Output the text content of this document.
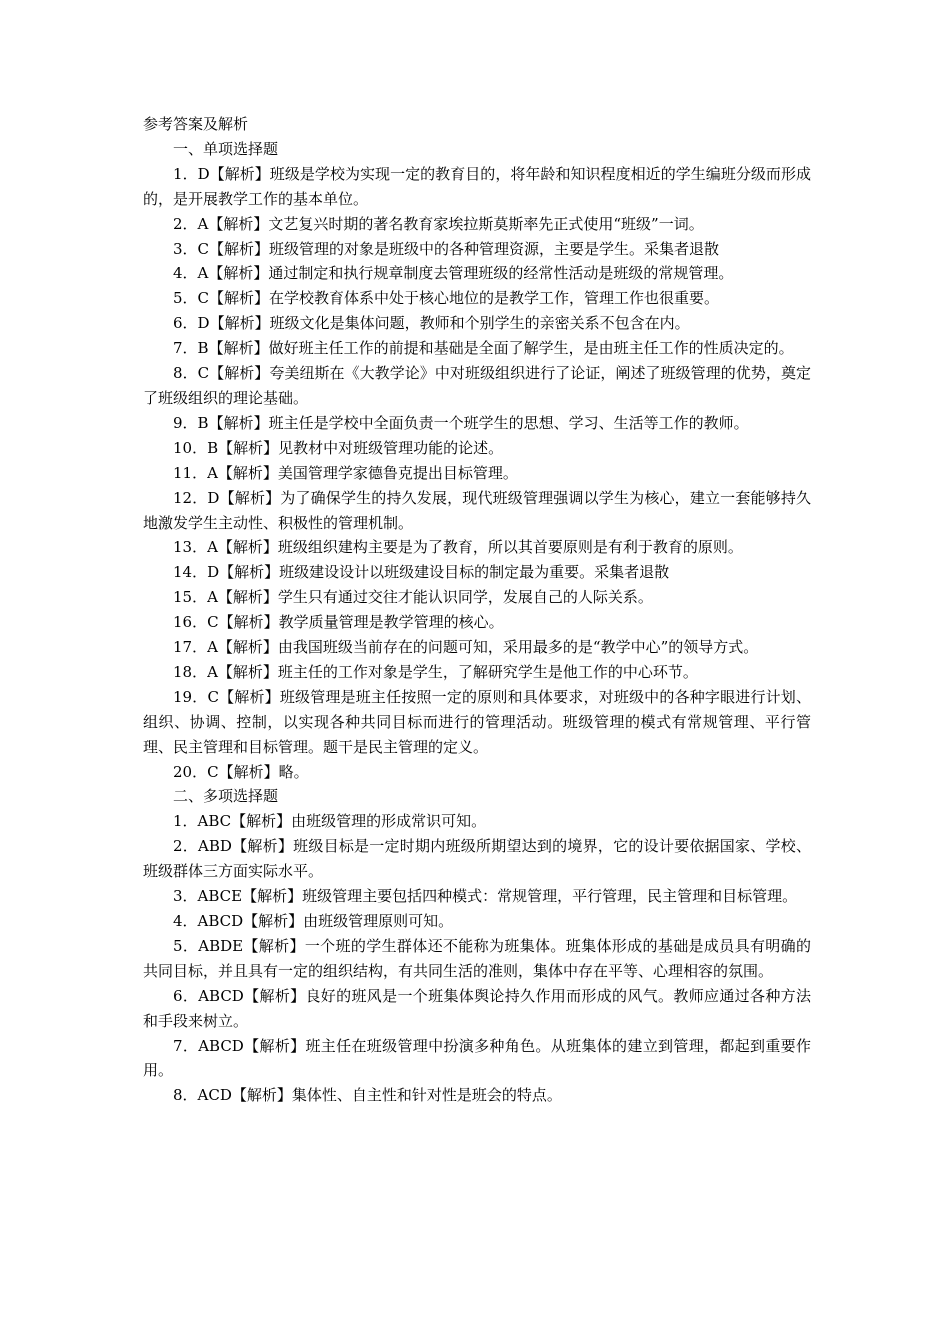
参考答案及解析

一、单项选择题

1．D【解析】班级是学校为实现一定的教育目的，将年龄和知识程度相近的学生编班分级而形成的，是开展教学工作的基本单位。

2．A【解析】文艺复兴时期的著名教育家埃拉斯莫斯率先正式使用“班级”一词。

3．C【解析】班级管理的对象是班级中的各种管理资源，主要是学生。采集者退散

4．A【解析】通过制定和执行规章制度去管理班级的经常性活动是班级的常规管理。

5．C【解析】在学校教育体系中处于核心地位的是教学工作，管理工作也很重要。

6．D【解析】班级文化是集体问题，教师和个别学生的亲密关系不包含在内。

7．B【解析】做好班主任工作的前提和基础是全面了解学生，是由班主任工作的性质决定的。

8．C【解析】夸美纽斯在《大教学论》中对班级组织进行了论证，阐述了班级管理的优势，奠定了班级组织的理论基础。

9．B【解析】班主任是学校中全面负责一个班学生的思想、学习、生活等工作的教师。

10．B【解析】见教材中对班级管理功能的论述。

11．A【解析】美国管理学家德鲁克提出目标管理。

12．D【解析】为了确保学生的持久发展，现代班级管理强调以学生为核心，建立一套能够持久地激发学生主动性、积极性的管理机制。

13．A【解析】班级组织建构主要是为了教育，所以其首要原则是有利于教育的原则。

14．D【解析】班级建设设计以班级建设目标的制定最为重要。采集者退散

15．A【解析】学生只有通过交往才能认识同学，发展自己的人际关系。

16．C【解析】教学质量管理是教学管理的核心。

17．A【解析】由我国班级当前存在的问题可知，采用最多的是“教学中心”的领导方式。

18．A【解析】班主任的工作对象是学生，了解研究学生是他工作的中心环节。

19．C【解析】班级管理是班主任按照一定的原则和具体要求，对班级中的各种字眼进行计划、组织、协调、控制，以实现各种共同目标而进行的管理活动。班级管理的模式有常规管理、平行管理、民主管理和目标管理。题干是民主管理的定义。

20．C【解析】略。

二、多项选择题

1．ABC【解析】由班级管理的形成常识可知。

2．ABD【解析】班级目标是一定时期内班级所期望达到的境界，它的设计要依据国家、学校、班级群体三方面实际水平。

3．ABCE【解析】班级管理主要包括四种模式：常规管理，平行管理，民主管理和目标管理。

4．ABCD【解析】由班级管理原则可知。

5．ABDE【解析】一个班的学生群体还不能称为班集体。班集体形成的基础是成员具有明确的共同目标，并且具有一定的组织结构，有共同生活的准则，集体中存在平等、心理相容的氛围。

6．ABCD【解析】良好的班风是一个班集体舆论持久作用而形成的风气。教师应通过各种方法和手段来树立。

7．ABCD【解析】班主任在班级管理中扮演多种角色。从班集体的建立到管理，都起到重要作用。

8．ACD【解析】集体性、自主性和针对性是班会的特点。
